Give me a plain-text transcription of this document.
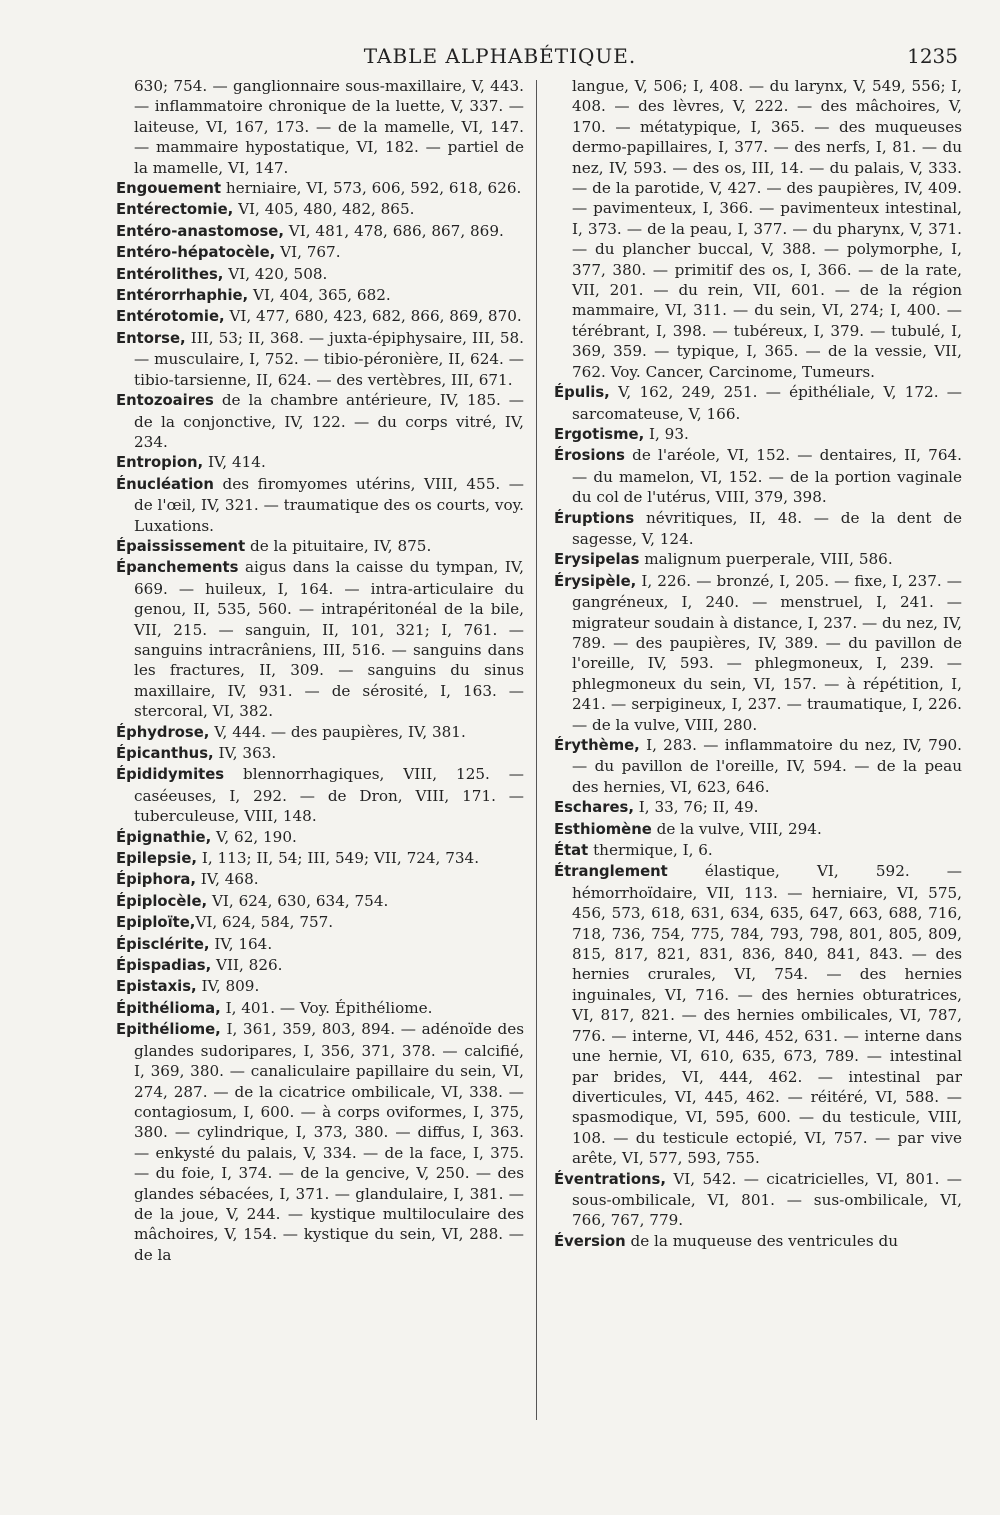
TABLE ALPHABÉTIQUE.	1235

630; 754. — ganglionnaire sous-maxillaire, V, 443. — inflammatoire chronique de la luette, V, 337. — laiteuse, VI, 167, 173. — de la mamelle, VI, 147. — mammaire hypostatique, VI, 182. — partiel de la mamelle, VI, 147.

Engouement herniaire, VI, 573, 606, 592, 618, 626.

Entérectomie, VI, 405, 480, 482, 865.

Entéro-anastomose, VI, 481, 478, 686, 867, 869.

Entéro-hépatocèle, VI, 767.

Entérolithes, VI, 420, 508.

Entérorrhaphie, VI, 404, 365, 682.

Entérotomie, VI, 477, 680, 423, 682, 866, 869, 870.

Entorse, III, 53; II, 368. — juxta-épiphysaire, III, 58. — musculaire, I, 752. — tibio-péronière, II, 624. — tibio-tarsienne, II, 624. — des vertèbres, III, 671.

Entozoaires de la chambre antérieure, IV, 185. — de la conjonctive, IV, 122. — du corps vitré, IV, 234.

Entropion, IV, 414.

Énucléation des firomyomes utérins, VIII, 455. — de l'œil, IV, 321. — traumatique des os courts, voy. Luxations.

Épaississement de la pituitaire, IV, 875.

Épanchements aigus dans la caisse du tympan, IV, 669. — huileux, I, 164. — intra-articulaire du genou, II, 535, 560. — intrapéritonéal de la bile, VII, 215. — sanguin, II, 101, 321; I, 761. — sanguins intracrâniens, III, 516. — sanguins dans les fractures, II, 309. — sanguins du sinus maxillaire, IV, 931. — de sérosité, I, 163. — stercoral, VI, 382.

Éphydrose, V, 444. — des paupières, IV, 381.

Épicanthus, IV, 363.

Épididymites blennorrhagiques, VIII, 125. — caséeuses, I, 292. — de Dron, VIII, 171. — tuberculeuse, VIII, 148.

Épignathie, V, 62, 190.

Epilepsie, I, 113; II, 54; III, 549; VII, 724, 734.

Épiphora, IV, 468.

Épiplocèle, VI, 624, 630, 634, 754.

Epiploïte,VI, 624, 584, 757.

Épisclérite, IV, 164.

Épispadias, VII, 826.

Epistaxis, IV, 809.

Épithélioma, I, 401. — Voy. Épithéliome.

Epithéliome, I, 361, 359, 803, 894. — adénoïde des glandes sudoripares, I, 356, 371, 378. — calcifié, I, 369, 380. — canaliculaire papillaire du sein, VI, 274, 287. — de la cicatrice ombilicale, VI, 338. — contagiosum, I, 600. — à corps oviformes, I, 375, 380. — cylindrique, I, 373, 380. — diffus, I, 363. — enkysté du palais, V, 334. — de la face, I, 375. — du foie, I, 374. — de la gencive, V, 250. — des glandes sébacées, I, 371. — glandulaire, I, 381. — de la joue, V, 244. — kystique multiloculaire des mâchoires, V, 154. — kystique du sein, VI, 288. — de la

langue, V, 506; I, 408. — du larynx, V, 549, 556; I, 408. — des lèvres, V, 222. — des mâchoires, V, 170. — métatypique, I, 365. — des muqueuses dermo-papillaires, I, 377. — des nerfs, I, 81. — du nez, IV, 593. — des os, III, 14. — du palais, V, 333. — de la parotide, V, 427. — des paupières, IV, 409. — pavimenteux, I, 366. — pavimenteux intestinal, I, 373. — de la peau, I, 377. — du pharynx, V, 371. — du plancher buccal, V, 388. — polymorphe, I, 377, 380. — primitif des os, I, 366. — de la rate, VII, 201. — du rein, VII, 601. — de la région mammaire, VI, 311. — du sein, VI, 274; I, 400. — térébrant, I, 398. — tubéreux, I, 379. — tubulé, I, 369, 359. — typique, I, 365. — de la vessie, VII, 762. Voy. Cancer, Carcinome, Tumeurs.

Épulis, V, 162, 249, 251. — épithéliale, V, 172. — sarcomateuse, V, 166.

Ergotisme, I, 93.

Érosions de l'aréole, VI, 152. — dentaires, II, 764. — du mamelon, VI, 152. — de la portion vaginale du col de l'utérus, VIII, 379, 398.

Éruptions névritiques, II, 48. — de la dent de sagesse, V, 124.

Erysipelas malignum puerperale, VIII, 586.

Érysipèle, I, 226. — bronzé, I, 205. — fixe, I, 237. — gangréneux, I, 240. — menstruel, I, 241. — migrateur soudain à distance, I, 237. — du nez, IV, 789. — des paupières, IV, 389. — du pavillon de l'oreille, IV, 593. — phlegmoneux, I, 239. — phlegmoneux du sein, VI, 157. — à répétition, I, 241. — serpigineux, I, 237. — traumatique, I, 226. — de la vulve, VIII, 280.

Érythème, I, 283. — inflammatoire du nez, IV, 790. — du pavillon de l'oreille, IV, 594. — de la peau des hernies, VI, 623, 646.

Eschares, I, 33, 76; II, 49.

Esthiomène de la vulve, VIII, 294.

État thermique, I, 6.

Étranglement élastique, VI, 592. — hémorrhoïdaire, VII, 113. — herniaire, VI, 575, 456, 573, 618, 631, 634, 635, 647, 663, 688, 716, 718, 736, 754, 775, 784, 793, 798, 801, 805, 809, 815, 817, 821, 831, 836, 840, 841, 843. — des hernies crurales, VI, 754. — des hernies inguinales, VI, 716. — des hernies obturatrices, VI, 817, 821. — des hernies ombilicales, VI, 787, 776. — interne, VI, 446, 452, 631. — interne dans une hernie, VI, 610, 635, 673, 789. — intestinal par brides, VI, 444, 462. — intestinal par diverticules, VI, 445, 462. — réitéré, VI, 588. — spasmodique, VI, 595, 600. — du testicule, VIII, 108. — du testicule ectopié, VI, 757. — par vive arête, VI, 577, 593, 755.

Éventrations, VI, 542. — cicatricielles, VI, 801. — sous-ombilicale, VI, 801. — sus-ombilicale, VI, 766, 767, 779.

Éversion de la muqueuse des ventricules du
